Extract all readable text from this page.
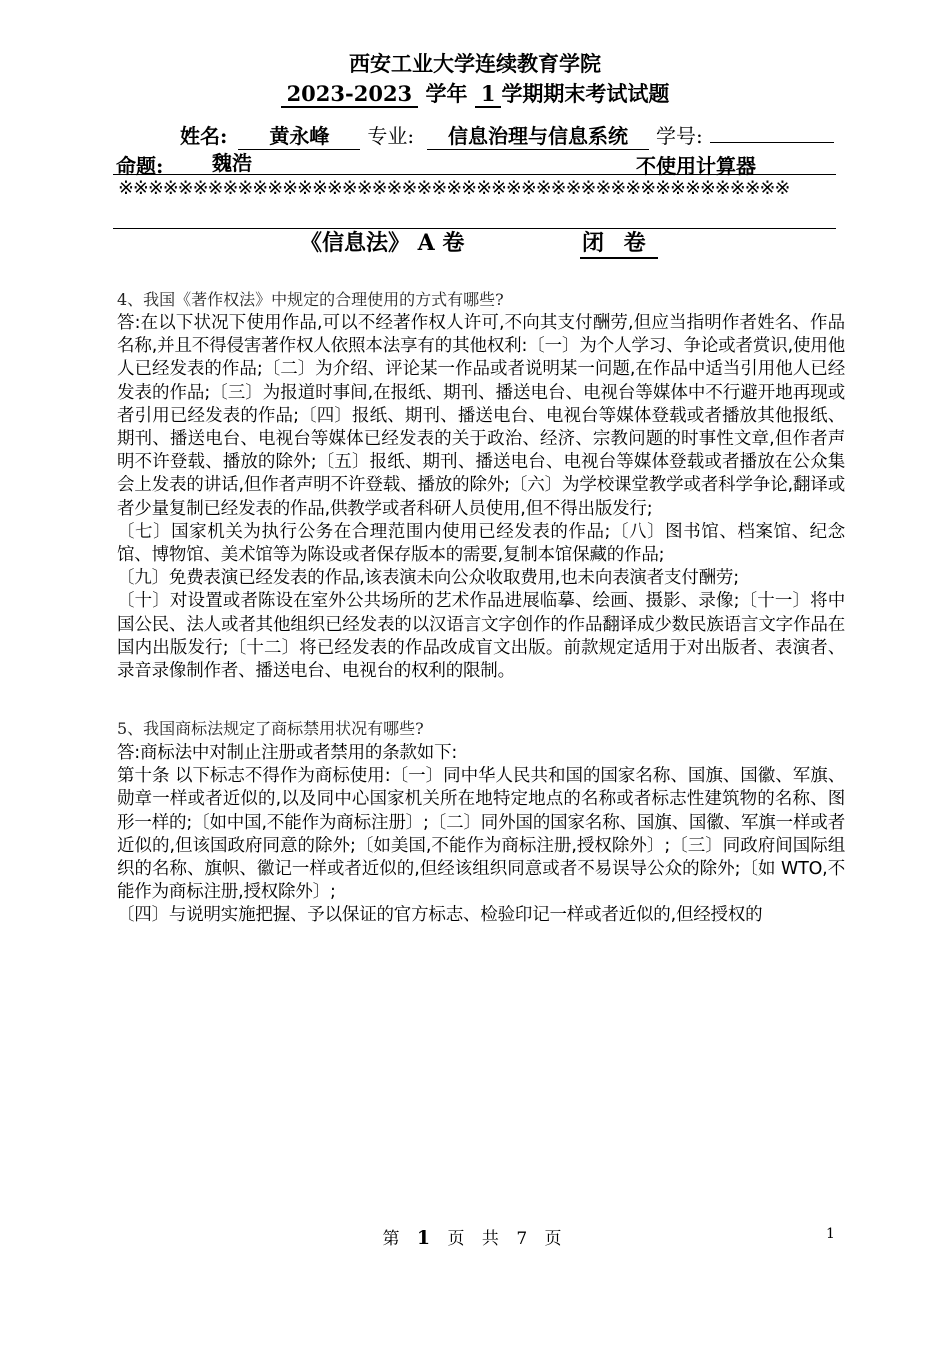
西安工业大学连续教育学院
2023-2023 学年 1 学期期末考试试题
姓名: 黄永峰 专业: 信息治理与信息系统 学号:
命题: 魏浩	不使用计算器
※※※※※※※※※※※※※※※※※※※※※※※※※※※※※※※※※※※※※※※※※※※※※
《信息法》 A 卷	闭 卷
4、我国《著作权法》中规定的合理使用的方式有哪些?

答:在以下状况下使用作品,可以不经著作权人许可,不向其支付酬劳,但应当指明作者姓名、作品名称,并且不得侵害著作权人依照本法享有的其他权利:〔一〕为个人学习、争论或者赏识,使用他人已经发表的作品;〔二〕为介绍、评论某一作品或者说明某一问题,在作品中适当引用他人已经发表的作品;〔三〕为报道时事间,在报纸、期刊、播送电台、电视台等媒体中不行避开地再现或者引用已经发表的作品;〔四〕报纸、期刊、播送电台、电视台等媒体登载或者播放其他报纸、期刊、播送电台、电视台等媒体已经发表的关于政治、经济、宗教问题的时事性文章,但作者声明不许登载、播放的除外;〔五〕报纸、期刊、播送电台、电视台等媒体登载或者播放在公众集会上发表的讲话,但作者声明不许登载、播放的除外;〔六〕为学校课堂教学或者科学争论,翻译或者少量复制已经发表的作品,供教学或者科研人员使用,但不得出版发行;

〔七〕国家机关为执行公务在合理范围内使用已经发表的作品;〔八〕图书馆、档案馆、纪念馆、博物馆、美术馆等为陈设或者保存版本的需要,复制本馆保藏的作品;

〔九〕免费表演已经发表的作品,该表演未向公众收取费用,也未向表演者支付酬劳;

〔十〕对设置或者陈设在室外公共场所的艺术作品进展临摹、绘画、摄影、录像;〔十一〕将中国公民、法人或者其他组织已经发表的以汉语言文字创作的作品翻译成少数民族语言文字作品在国内出版发行;〔十二〕将已经发表的作品改成盲文出版。前款规定适用于对出版者、表演者、录音录像制作者、播送电台、电视台的权利的限制。

5、我国商标法规定了商标禁用状况有哪些?

答:商标法中对制止注册或者禁用的条款如下:

第十条 以下标志不得作为商标使用:〔一〕同中华人民共和国的国家名称、国旗、国徽、军旗、勋章一样或者近似的,以及同中心国家机关所在地特定地点的名称或者标志性建筑物的名称、图形一样的;〔如中国,不能作为商标注册〕;〔二〕同外国的国家名称、国旗、国徽、军旗一样或者近似的,但该国政府同意的除外;〔如美国,不能作为商标注册,授权除外〕;〔三〕同政府间国际组织的名称、旗帜、徽记一样或者近似的,但经该组织同意或者不易误导公众的除外;〔如 WTO,不能作为商标注册,授权除外〕;

〔四〕与说明实施把握、予以保证的官方标志、检验印记一样或者近似的,但经授权的

第 1 页 共 7 页	1
